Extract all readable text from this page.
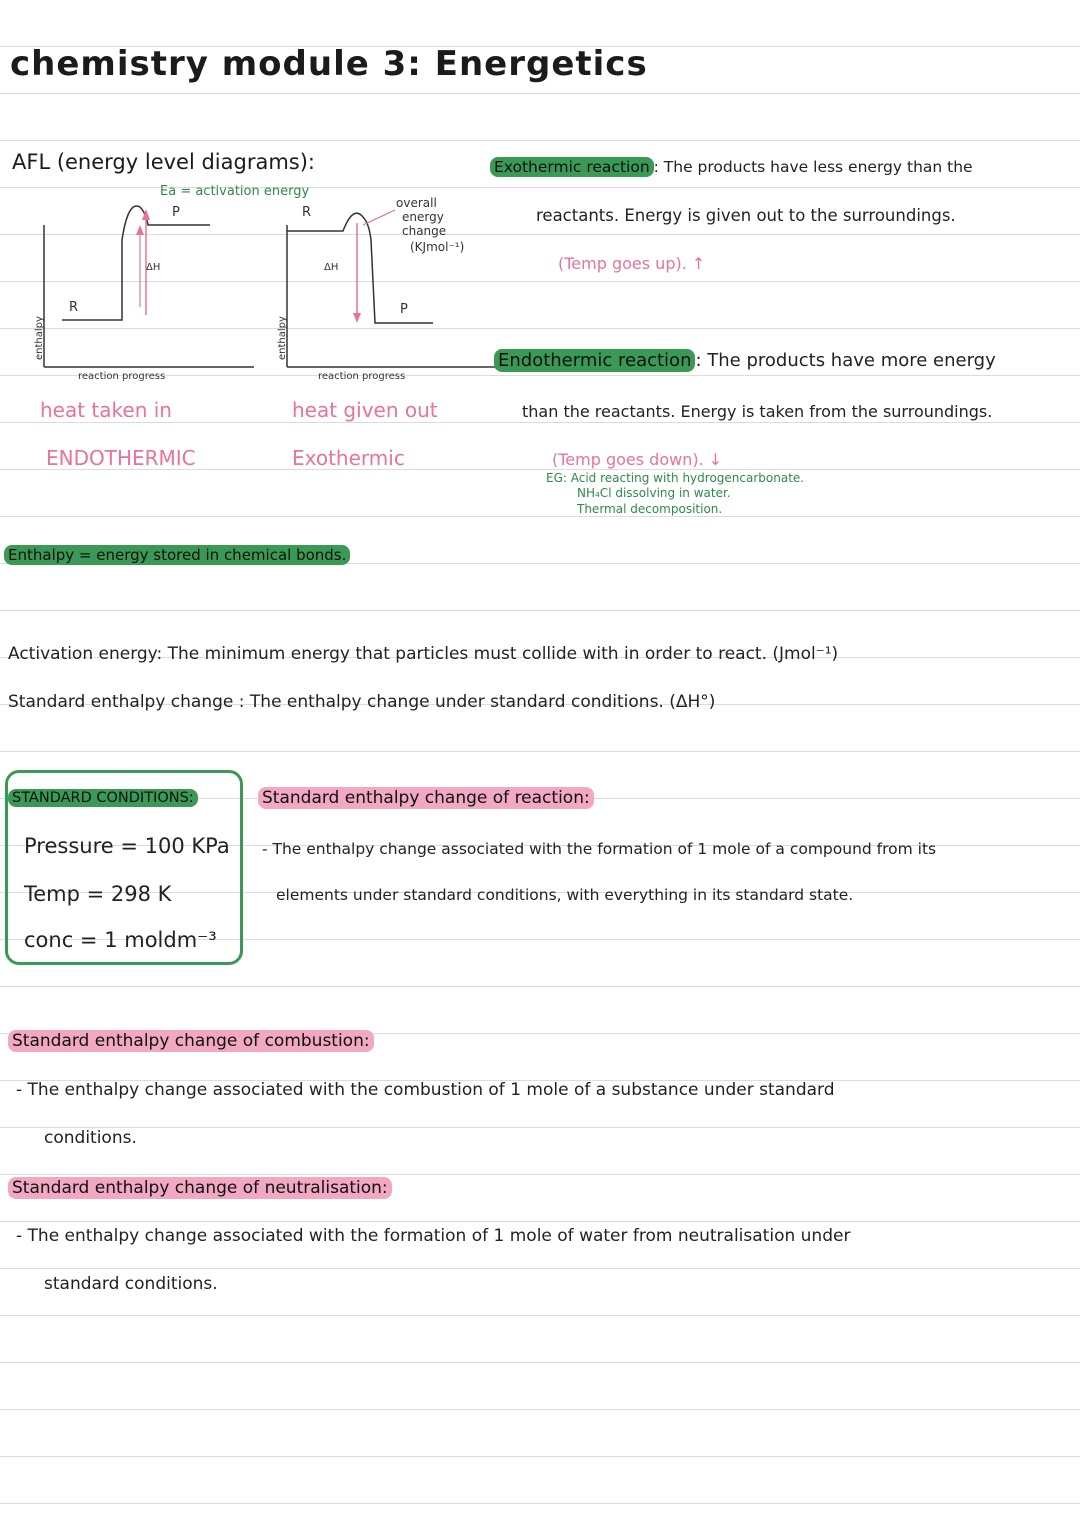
chemistry module 3: Energetics
AFL (energy level diagrams):
Ea = activation energy
R
P
ΔH
enthalpy
reaction progress
heat taken in
ENDOTHERMIC
R
P
ΔH
overall
energy
change
(KJmol⁻¹)
enthalpy
reaction progress
heat given out
Exothermic
Exothermic reaction : The products have less energy than the
reactants. Energy is given out to the surroundings.
(Temp goes up). ↑
Endothermic reaction : The products have more energy
than the reactants. Energy is taken from the surroundings.
(Temp goes down). ↓
EG: Acid reacting with hydrogencarbonate.
NH₄Cl dissolving in water.
Thermal decomposition.
Enthalpy = energy stored in chemical bonds.
Activation energy: The minimum energy that particles must collide with in order to react. (Jmol⁻¹)
Standard enthalpy change : The enthalpy change under standard conditions. (ΔH°)
STANDARD CONDITIONS:
Pressure = 100 KPa
Temp = 298 K
conc = 1 moldm⁻³
Standard enthalpy change of reaction:
- The enthalpy change associated with the formation of 1 mole of a compound from its
elements under standard conditions, with everything in its standard state.
Standard enthalpy change of combustion:
- The enthalpy change associated with the combustion of 1 mole of a substance under standard
conditions.
Standard enthalpy change of neutralisation:
- The enthalpy change associated with the formation of 1 mole of water from neutralisation under
standard conditions.
